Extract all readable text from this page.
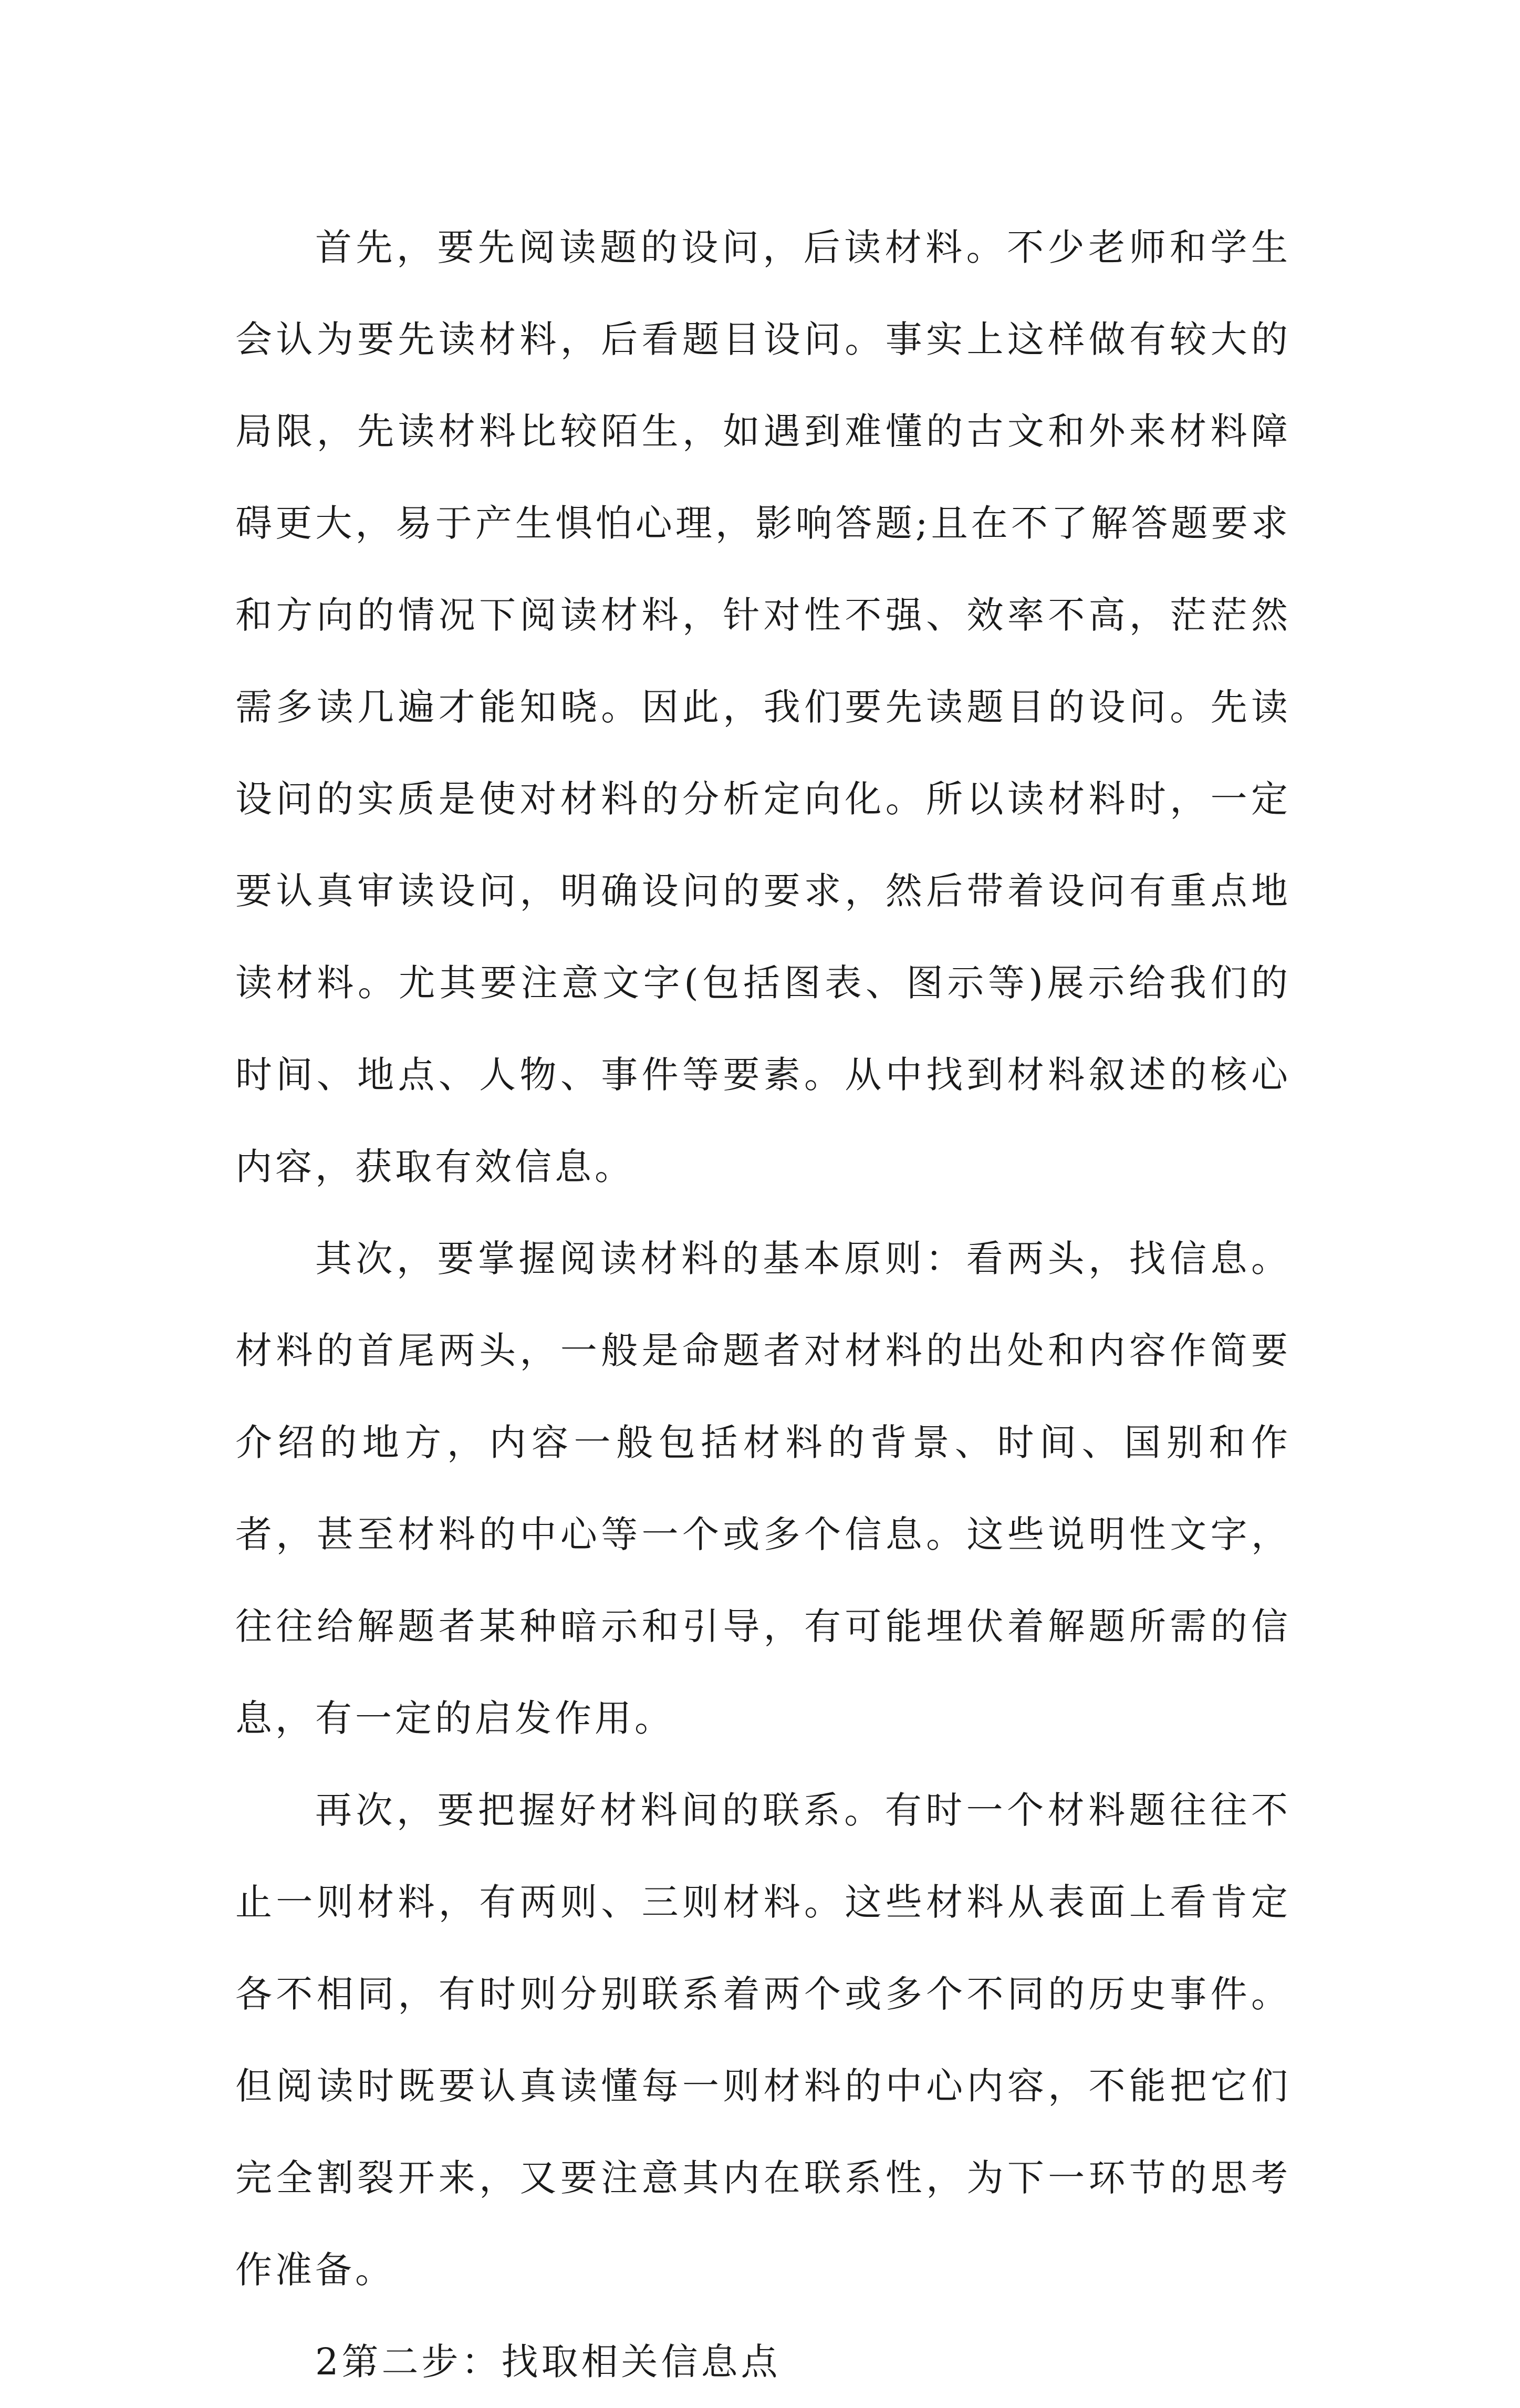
首先，要先阅读题的设问，后读材料。不少老师和学生会认为要先读材料，后看题目设问。事实上这样做有较大的局限，先读材料比较陌生，如遇到难懂的古文和外来材料障碍更大，易于产生惧怕心理，影响答题;且在不了解答题要求和方向的情况下阅读材料，针对性不强、效率不高，茫茫然需多读几遍才能知晓。因此，我们要先读题目的设问。先读设问的实质是使对材料的分析定向化。所以读材料时，一定要认真审读设问，明确设问的要求，然后带着设问有重点地读材料。尤其要注意文字(包括图表、图示等)展示给我们的时间、地点、人物、事件等要素。从中找到材料叙述的核心内容，获取有效信息。

其次，要掌握阅读材料的基本原则：看两头，找信息。材料的首尾两头，一般是命题者对材料的出处和内容作简要介绍的地方，内容一般包括材料的背景、时间、国别和作者，甚至材料的中心等一个或多个信息。这些说明性文字，往往给解题者某种暗示和引导，有可能埋伏着解题所需的信息，有一定的启发作用。

再次，要把握好材料间的联系。有时一个材料题往往不止一则材料，有两则、三则材料。这些材料从表面上看肯定各不相同，有时则分别联系着两个或多个不同的历史事件。但阅读时既要认真读懂每一则材料的中心内容，不能把它们完全割裂开来，又要注意其内在联系性，为下一环节的思考作准备。

2第二步：找取相关信息点
